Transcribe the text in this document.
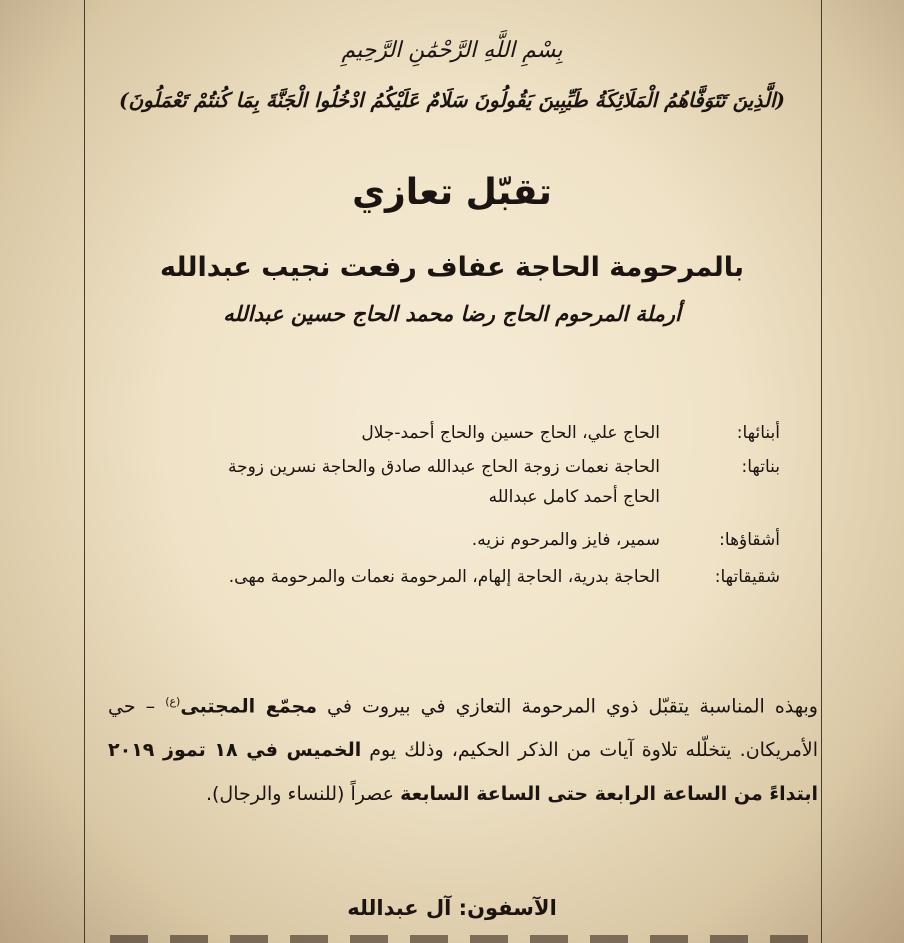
بِسْمِ اللَّهِ الرَّحْمَٰنِ الرَّحِيمِ
(الَّذِينَ تَتَوَفَّاهُمُ الْمَلَائِكَةُ طَيِّبِينَ يَقُولُونَ سَلَامٌ عَلَيْكُمُ ادْخُلُوا الْجَنَّةَ بِمَا كُنتُمْ تَعْمَلُونَ)
تقبّل تعازي
بالمرحومة الحاجة عفاف رفعت نجيب عبدالله
أرملة المرحوم الحاج رضا محمد الحاج حسين عبدالله
أبنائها:
الحاج علي، الحاج حسين والحاج أحمد-جلال
بناتها:
الحاجة نعمات زوجة الحاج عبدالله صادق والحاجة نسرين زوجة الحاج أحمد كامل عبدالله
أشقاؤها:
سمير، فايز والمرحوم نزيه.
شقيقاتها:
الحاجة بدرية، الحاجة إلهام، المرحومة نعمات والمرحومة مهى.
وبهذه المناسبة يتقبّل ذوي المرحومة التعازي في بيروت في مجمّع المجتبى$^{(ع)}$ – حي الأمريكان. يتخلّله تلاوة آيات من الذكر الحكيم، وذلك يوم الخميس في ١٨ تموز ٢٠١٩ ابتداءً من الساعة الرابعة حتى الساعة السابعة عصراً (للنساء والرجال).
الآسفون: آل عبدالله
